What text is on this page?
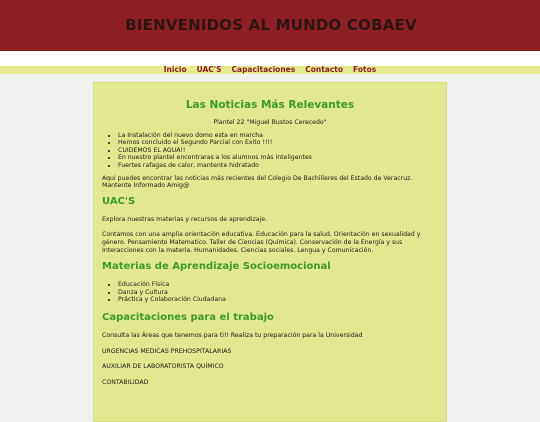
BIENVENIDOS AL MUNDO COBAEV
Inicio UAC'S Capacitaciones Contacto Fotos
Las Noticias Más Relevantes

Plantel 22 "Miguel Bustos Cerecedo"

• La Instalación del nuevo domo esta en marcha
• Hemos concluido el Segundo Parcial con Exito !!!!
• CUIDEMOS EL AGUA!!
• En nuestro plantel encontraras a los alumnos más inteligentes
• Fuertes rafagas de calor, mantente hidratado

Aqui puedes encontrar las noticias más recientes del Colegio De Bachilleres del Estado de Veracruz. Mantente Informado Amig@

UAC'S

Explora nuestras materias y recursos de aprendizaje.

Contamos con una amplia orientación educativa. Educación para la salud. Orientación en sexualidad y género. Pensamiento Matematico. Taller de Ciencias (Química). Conservación de la Energía y sus Interacciones con la materia. Humanidades. Ciencias sociales. Lengua y Comunicación.

Materias de Aprendizaje Socioemocional
• Educación Física
• Danza y Cultura
• Práctica y Colaboración Ciudadana
Capacitaciones para el trabajo

Consulta las Áreas que tenemos para ti!! Realiza tu preparación para la Universidad

URGENCIAS MEDICAS PREHOSPITALARIAS

AUXILIAR DE LABORATORISTA QUÍMICO

CONTABILIDAD
